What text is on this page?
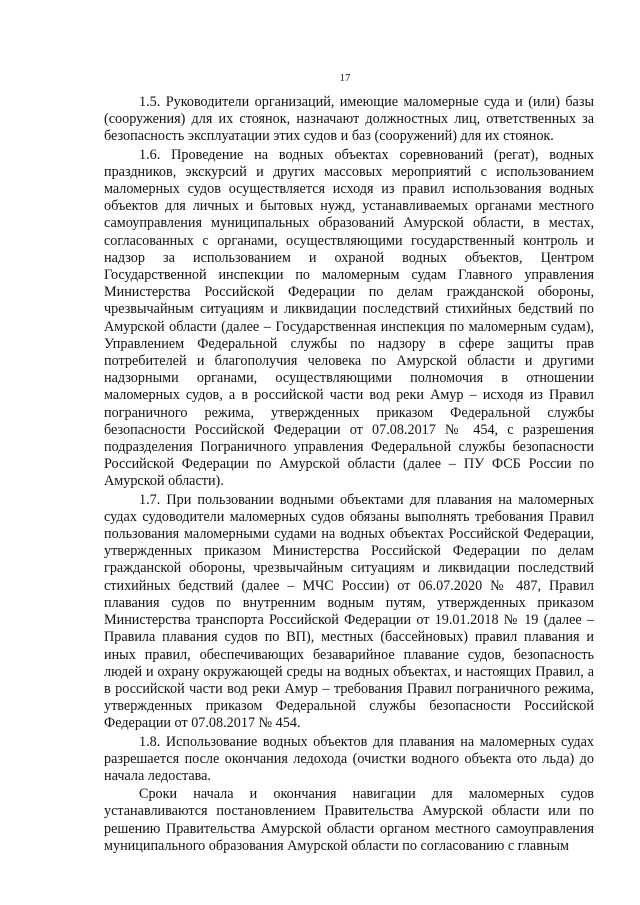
17

1.5. Руководители организаций, имеющие маломерные суда и (или) базы (сооружения) для их стоянок, назначают должностных лиц, ответственных за безопасность эксплуатации этих судов и баз (сооружений) для их стоянок.

1.6. Проведение на водных объектах соревнований (регат), водных праздников, экскурсий и других массовых мероприятий с использованием маломерных судов осуществляется исходя из правил использования водных объектов для личных и бытовых нужд, устанавливаемых органами местного самоуправления муниципальных образований Амурской области, в местах, согласованных с органами, осуществляющими государственный контроль и надзор за использованием и охраной водных объектов, Центром Государственной инспекции по маломерным судам Главного управления Министерства Российской Федерации по делам гражданской обороны, чрезвычайным ситуациям и ликвидации последствий стихийных бедствий по Амурской области (далее – Государственная инспекция по маломерным судам), Управлением Федеральной службы по надзору в сфере защиты прав потребителей и благополучия человека по Амурской области и другими надзорными органами, осуществляющими полномочия в отношении маломерных судов, а в российской части вод реки Амур – исходя из Правил пограничного режима, утвержденных приказом Федеральной службы безопасности Российской Федерации от 07.08.2017 № 454, с разрешения подразделения Пограничного управления Федеральной службы безопасности Российской Федерации по Амурской области (далее – ПУ ФСБ России по Амурской области).

1.7. При пользовании водными объектами для плавания на маломерных судах судоводители маломерных судов обязаны выполнять требования Правил пользования маломерными судами на водных объектах Российской Федерации, утвержденных приказом Министерства Российской Федерации по делам гражданской обороны, чрезвычайным ситуациям и ликвидации последствий стихийных бедствий (далее – МЧС России) от 06.07.2020 № 487, Правил плавания судов по внутренним водным путям, утвержденных приказом Министерства транспорта Российской Федерации от 19.01.2018 № 19 (далее – Правила плавания судов по ВП), местных (бассейновых) правил плавания и иных правил, обеспечивающих безаварийное плавание судов, безопасность людей и охрану окружающей среды на водных объектах, и настоящих Правил, а в российской части вод реки Амур – требования Правил пограничного режима, утвержденных приказом Федеральной службы безопасности Российской Федерации от 07.08.2017 № 454.

1.8. Использование водных объектов для плавания на маломерных судах разрешается после окончания ледохода (очистки водного объекта ото льда) до начала ледостава.

Сроки начала и окончания навигации для маломерных судов устанавливаются постановлением Правительства Амурской области или по решению Правительства Амурской области органом местного самоуправления муниципального образования Амурской области по согласованию с главным
